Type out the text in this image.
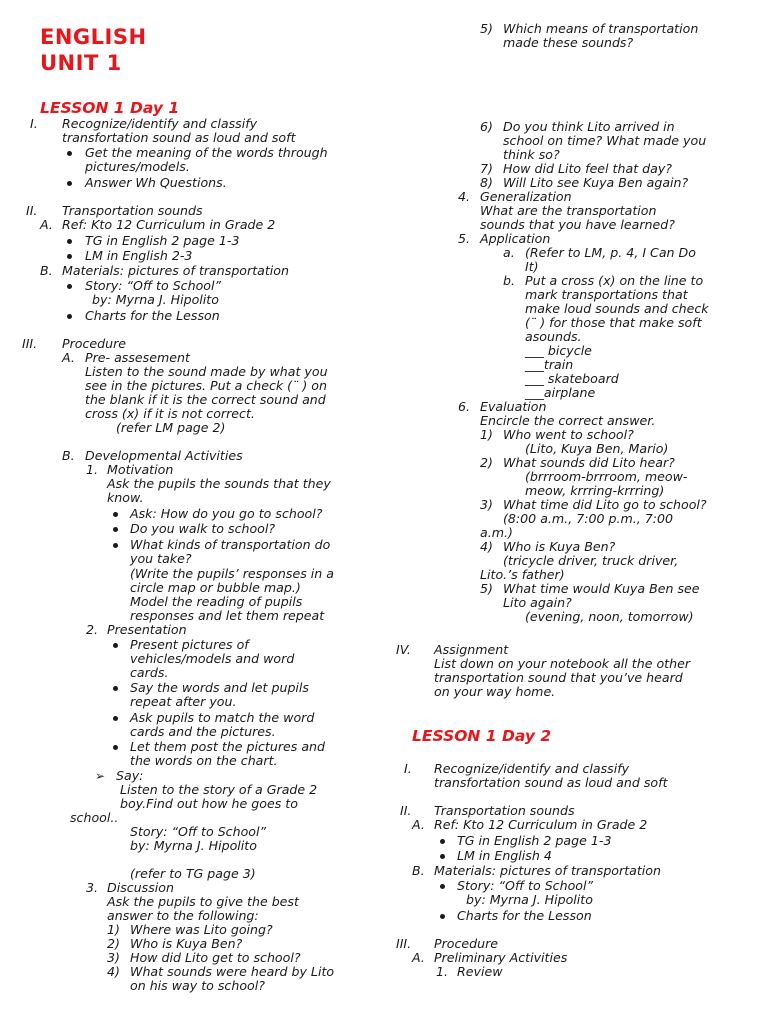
ENGLISH
UNIT 1
LESSON 1 Day 1
I. Recognize/identify and classify
transfortation sound as loud and soft
Get the meaning of the words through
pictures/models.
Answer Wh Questions.
II. Transportation sounds
A. Ref: Kto 12 Curriculum in Grade 2
TG in English 2 page 1-3
LM in English 2-3
B. Materials: pictures of transportation
Story: “Off to School”
by: Myrna J. Hipolito
Charts for the Lesson
III. Procedure
A. Pre- assesement
Listen to the sound made by what you
see in the pictures. Put a check (¨ ) on
the blank if it is the correct sound and
cross (x) if it is not correct.
(refer LM page 2)
B. Developmental Activities
1. Motivation
Ask the pupils the sounds that they
know.
Ask: How do you go to school?
Do you walk to school?
What kinds of transportation do
you take?
(Write the pupils’ responses in a
circle map or bubble map.)
Model the reading of pupils
responses and let them repeat
2. Presentation
Present pictures of
vehicles/models and word
cards.
Say the words and let pupils
repeat after you.
Ask pupils to match the word
cards and the pictures.
Let them post the pictures and
the words on the chart.
➢ Say:
Listen to the story of a Grade 2
boy.Find out how he goes to
school..
Story: “Off to School”
by: Myrna J. Hipolito
(refer to TG page 3)
3. Discussion
Ask the pupils to give the best
answer to the following:
1) Where was Lito going?
2) Who is Kuya Ben?
3) How did Lito get to school?
4) What sounds were heard by Lito
on his way to school?
5) Which means of transportation
made these sounds?
6) Do you think Lito arrived in
school on time? What made you
think so?
7) How did Lito feel that day?
8) Will Lito see Kuya Ben again?
4. Generalization
What are the transportation
sounds that you have learned?
5. Application
a. (Refer to LM, p. 4, I Can Do
It)
b. Put a cross (x) on the line to
mark transportations that
make loud sounds and check
(¨ ) for those that make soft
asounds.
___ bicycle
___train
___ skateboard
___airplane
6. Evaluation
Encircle the correct answer.
1) Who went to school?
(Lito, Kuya Ben, Mario)
2) What sounds did Lito hear?
(brrroom-brrroom, meow-
meow, krrring-krrring)
3) What time did Lito go to school?
(8:00 a.m., 7:00 p.m., 7:00
a.m.)
4) Who is Kuya Ben?
(tricycle driver, truck driver,
Lito.’s father)
5) What time would Kuya Ben see
Lito again?
(evening, noon, tomorrow)
IV. Assignment
List down on your notebook all the other
transportation sound that you’ve heard
on your way home.
LESSON 1 Day 2
I. Recognize/identify and classify
transfortation sound as loud and soft
II. Transportation sounds
A. Ref: Kto 12 Curriculum in Grade 2
TG in English 2 page 1-3
LM in English 4
B. Materials: pictures of transportation
Story: “Off to School”
by: Myrna J. Hipolito
Charts for the Lesson
III. Procedure
A. Preliminary Activities
1. Review
